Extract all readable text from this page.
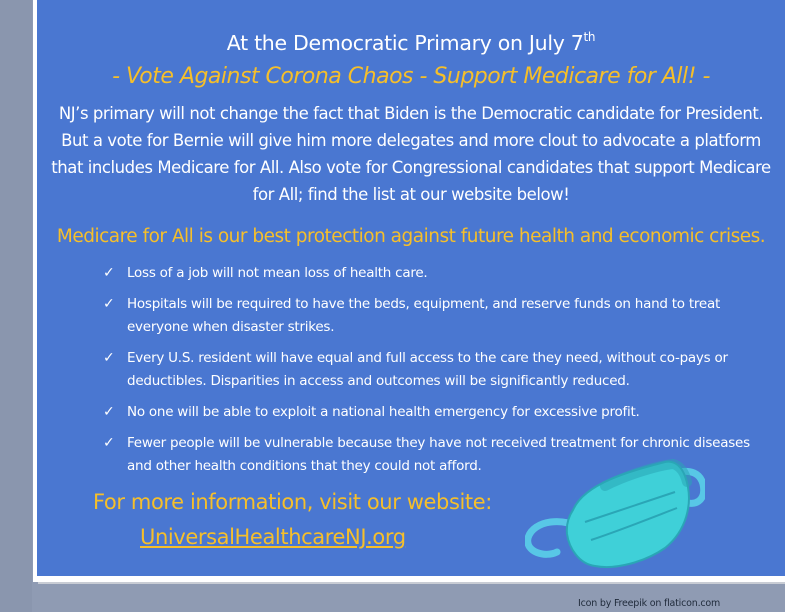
At the Democratic Primary on July 7th
- Vote Against Corona Chaos - Support Medicare for All! -
NJ’s primary will not change the fact that Biden is the Democratic candidate for President. But a vote for Bernie will give him more delegates and more clout to advocate a platform that includes Medicare for All. Also vote for Congressional candidates that support Medicare for All; find the list at our website below!
Medicare for All is our best protection against future health and economic crises.
✓ Loss of a job will not mean loss of health care.
✓ Hospitals will be required to have the beds, equipment, and reserve funds on hand to treat everyone when disaster strikes.
✓ Every U.S. resident will have equal and full access to the care they need, without co-pays or deductibles. Disparities in access and outcomes will be significantly reduced.
✓ No one will be able to exploit a national health emergency for excessive profit.
✓ Fewer people will be vulnerable because they have not received treatment for chronic diseases and other health conditions that they could not afford.
For more information, visit our website:
UniversalHealthcareNJ.org
Icon by Freepik on flaticon.com
